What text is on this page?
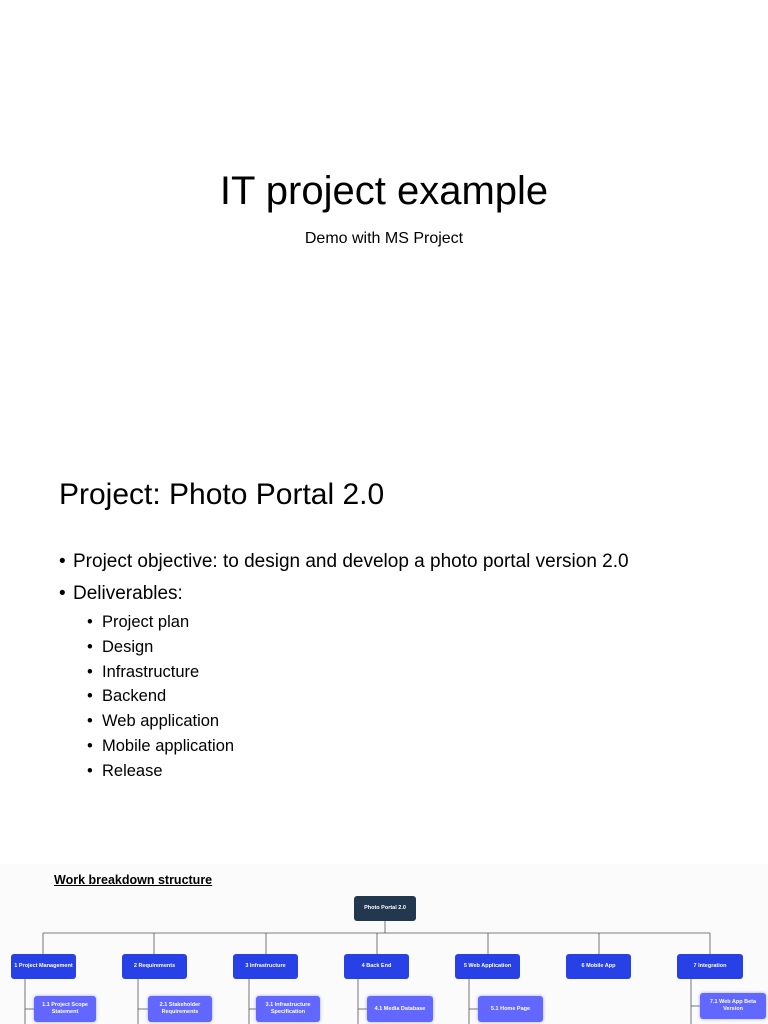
IT project example
Demo with MS Project
Project: Photo Portal 2.0
• Project objective: to design and develop a photo portal version 2.0
• Deliverables:
• Project plan
• Design
• Infrastructure
• Backend
• Web application
• Mobile application
• Release
Work breakdown structure
Photo Portal 2.0
1 Project Management	2 Requirements	3 Infrastructure	4 Back End	5 Web Application	6 Mobile App	7 Integration
1.1 Project Scope
Statement
2.1 Stakeholder
Requirements
3.1 Infrastructure
Specification
4.1 Media Database	5.1 Home Page
7.1 Web App Beta
Version
